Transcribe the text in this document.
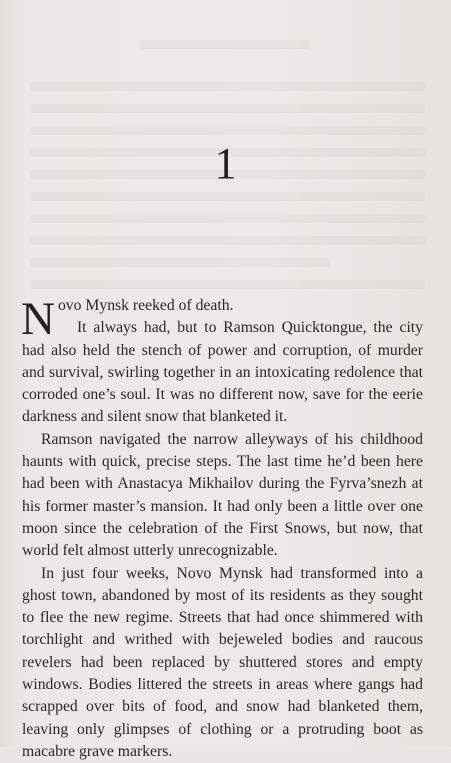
1

Novo Mynsk reeked of death.

It always had, but to Ramson Quicktongue, the city had also held the stench of power and corruption, of murder and survival, swirling together in an intoxicating redolence that corroded one’s soul. It was no different now, save for the eerie darkness and silent snow that blanketed it.

Ramson navigated the narrow alleyways of his childhood haunts with quick, precise steps. The last time he’d been here had been with Anastacya Mikhailov during the Fyrva’snezh at his former master’s mansion. It had only been a little over one moon since the celebration of the First Snows, but now, that world felt almost utterly unrecognizable.

In just four weeks, Novo Mynsk had transformed into a ghost town, abandoned by most of its residents as they sought to flee the new regime. Streets that had once shimmered with torchlight and writhed with bejeweled bodies and raucous revelers had been replaced by shuttered stores and empty windows. Bodies littered the streets in areas where gangs had scrapped over bits of food, and snow had blanketed them, leaving only glimpses of clothing or a protruding boot as macabre grave markers.
